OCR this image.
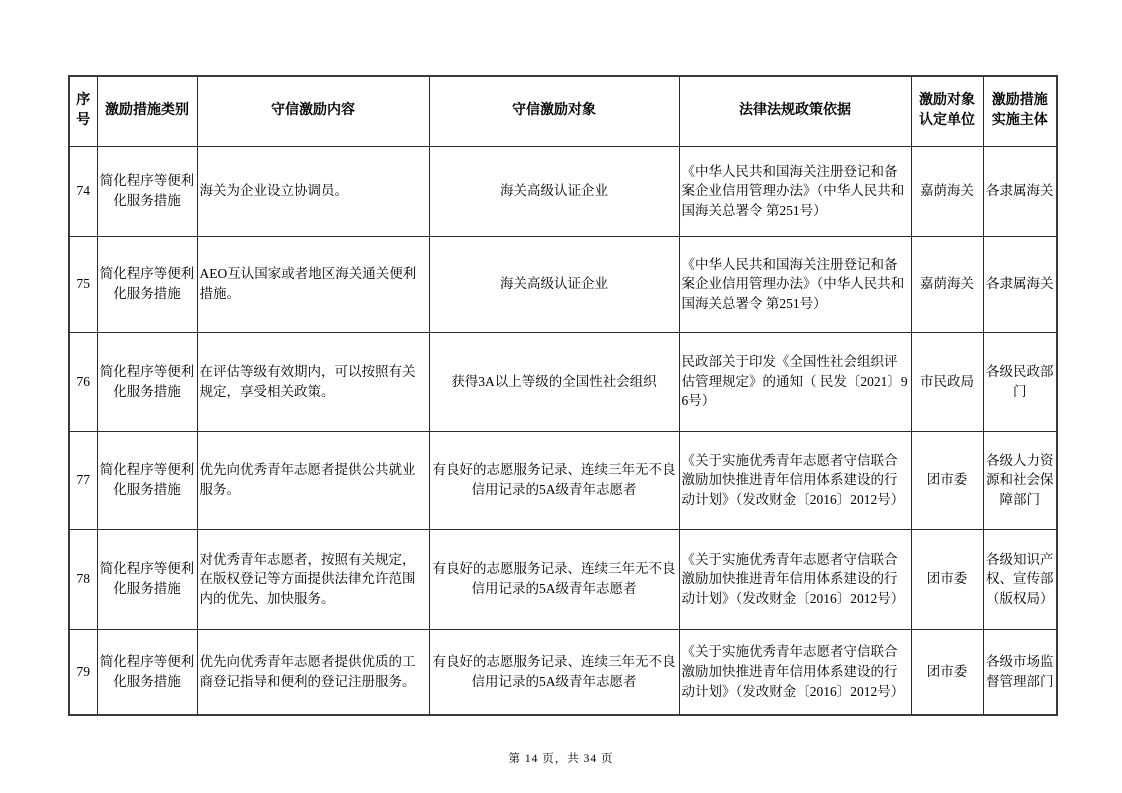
序号	激励措施类别	守信激励内容	守信激励对象	法律法规政策依据	激励对象 认定单位	激励措施 实施主体
74	简化程序等便利化服务措施	海关为企业设立协调员。	海关高级认证企业	《中华人民共和国海关注册登记和备案企业信用管理办法》（中华人民共和国海关总署令 第251号）	嘉荫海关	各隶属海关
75	简化程序等便利化服务措施	AEO互认国家或者地区海关通关便利措施。	海关高级认证企业	《中华人民共和国海关注册登记和备案企业信用管理办法》（中华人民共和国海关总署令 第251号）	嘉荫海关	各隶属海关
76	简化程序等便利化服务措施	在评估等级有效期内，可以按照有关规定，享受相关政策。	获得3A以上等级的全国性社会组织	民政部关于印发《全国性社会组织评估管理规定》的通知（ 民发〔2021〕96号）	市民政局	各级民政部门
77	简化程序等便利化服务措施	优先向优秀青年志愿者提供公共就业服务。	有良好的志愿服务记录、连续三年无不良信用记录的5A级青年志愿者	《关于实施优秀青年志愿者守信联合激励加快推进青年信用体系建设的行动计划》（发改财金〔2016〕2012号）	团市委	各级人力资源和社会保障部门
78	简化程序等便利化服务措施	对优秀青年志愿者，按照有关规定，在版权登记等方面提供法律允许范围内的优先、加快服务。	有良好的志愿服务记录、连续三年无不良信用记录的5A级青年志愿者	《关于实施优秀青年志愿者守信联合激励加快推进青年信用体系建设的行动计划》（发改财金〔2016〕2012号）	团市委	各级知识产权、宣传部（版权局）
79	简化程序等便利化服务措施	优先向优秀青年志愿者提供优质的工商登记指导和便利的登记注册服务。	有良好的志愿服务记录、连续三年无不良信用记录的5A级青年志愿者	《关于实施优秀青年志愿者守信联合激励加快推进青年信用体系建设的行动计划》（发改财金〔2016〕2012号）	团市委	各级市场监督管理部门
第 14 页，共 34 页
